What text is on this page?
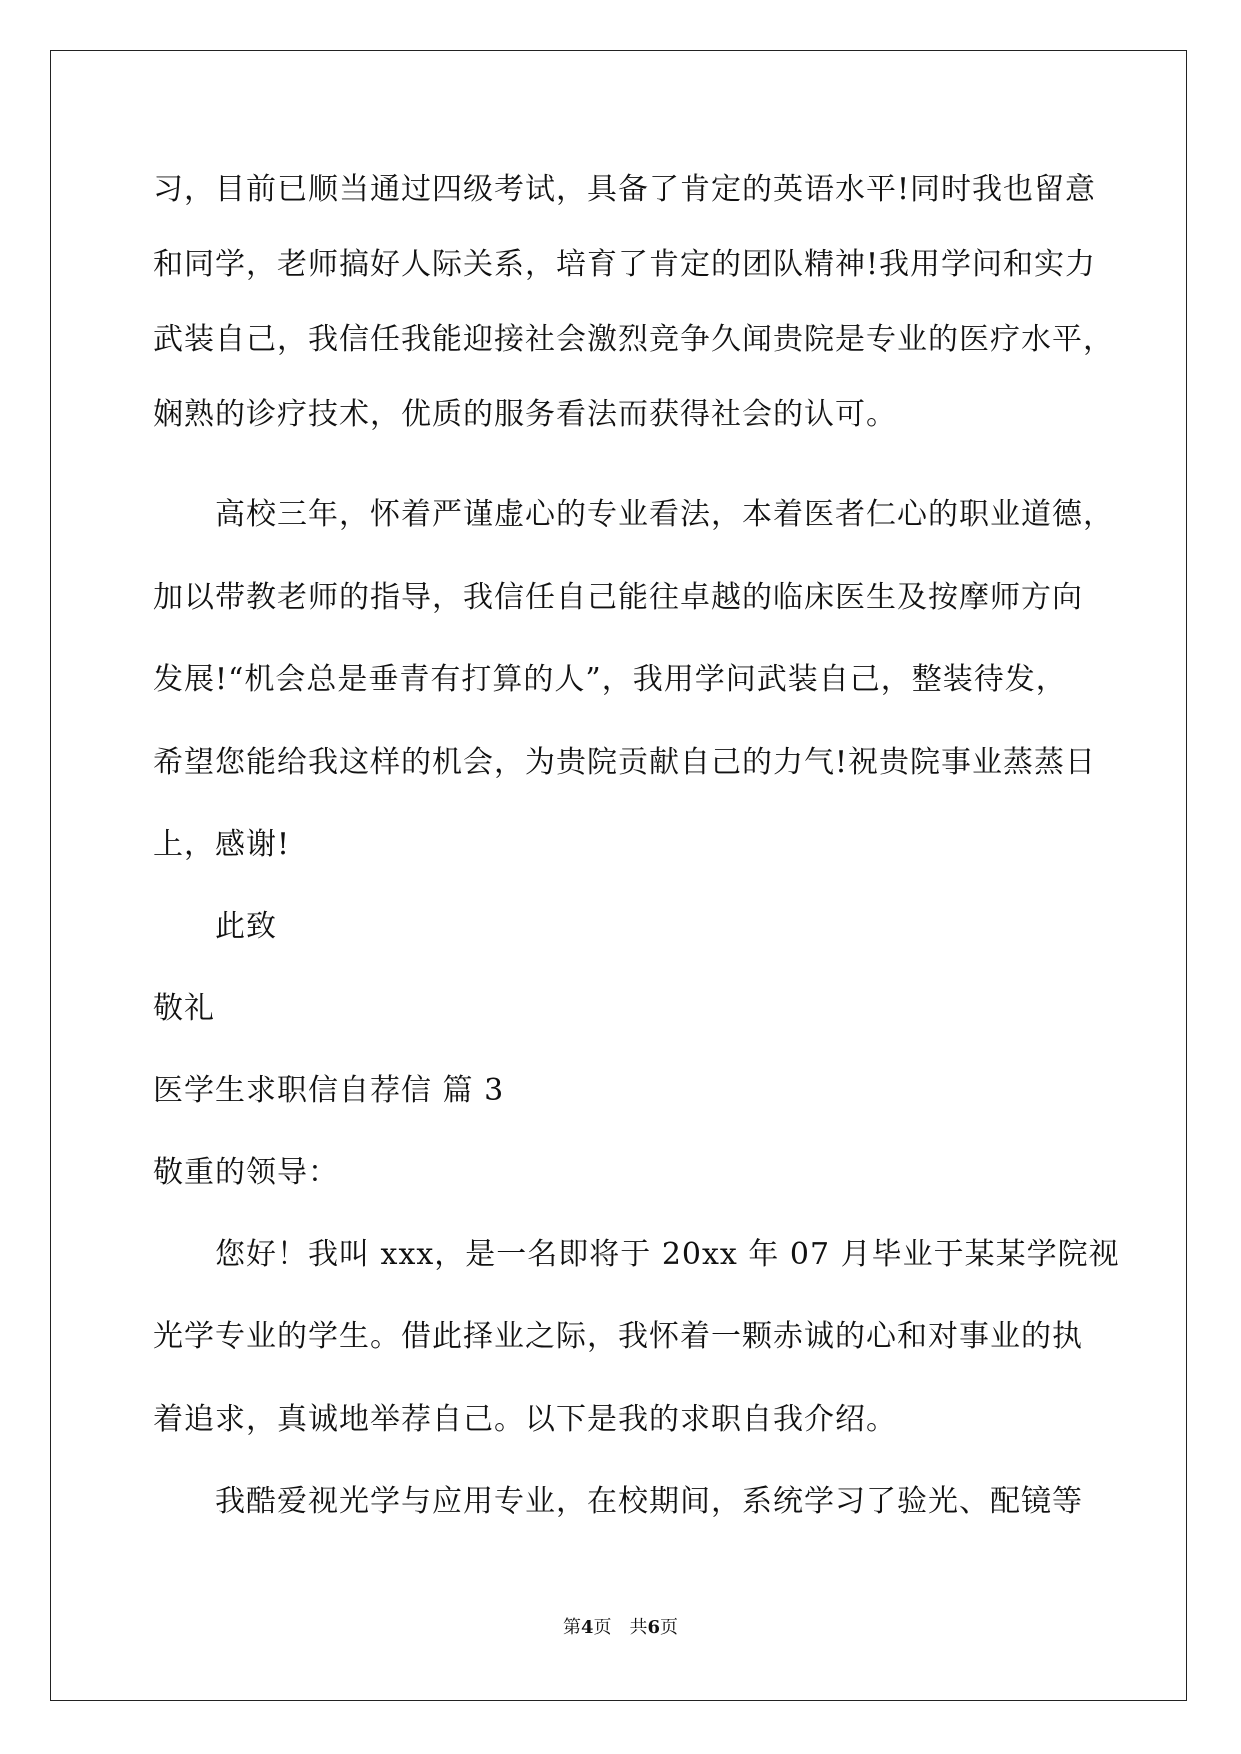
习，目前已顺当通过四级考试，具备了肯定的英语水平!同时我也留意
和同学，老师搞好人际关系，培育了肯定的团队精神!我用学问和实力
武装自己，我信任我能迎接社会激烈竞争久闻贵院是专业的医疗水平，
娴熟的诊疗技术，优质的服务看法而获得社会的认可。
高校三年，怀着严谨虚心的专业看法，本着医者仁心的职业道德，
加以带教老师的指导，我信任自己能往卓越的临床医生及按摩师方向
发展!“机会总是垂青有打算的人”，我用学问武装自己，整装待发，
希望您能给我这样的机会，为贵院贡献自己的力气!祝贵院事业蒸蒸日
上，感谢!
此致
敬礼
医学生求职信自荐信 篇 3
敬重的领导：
您好！我叫 xxx，是一名即将于 20xx 年 07 月毕业于某某学院视
光学专业的学生。借此择业之际，我怀着一颗赤诚的心和对事业的执
着追求，真诚地举荐自己。以下是我的求职自我介绍。
我酷爱视光学与应用专业，在校期间，系统学习了验光、配镜等
第4页　共6页
